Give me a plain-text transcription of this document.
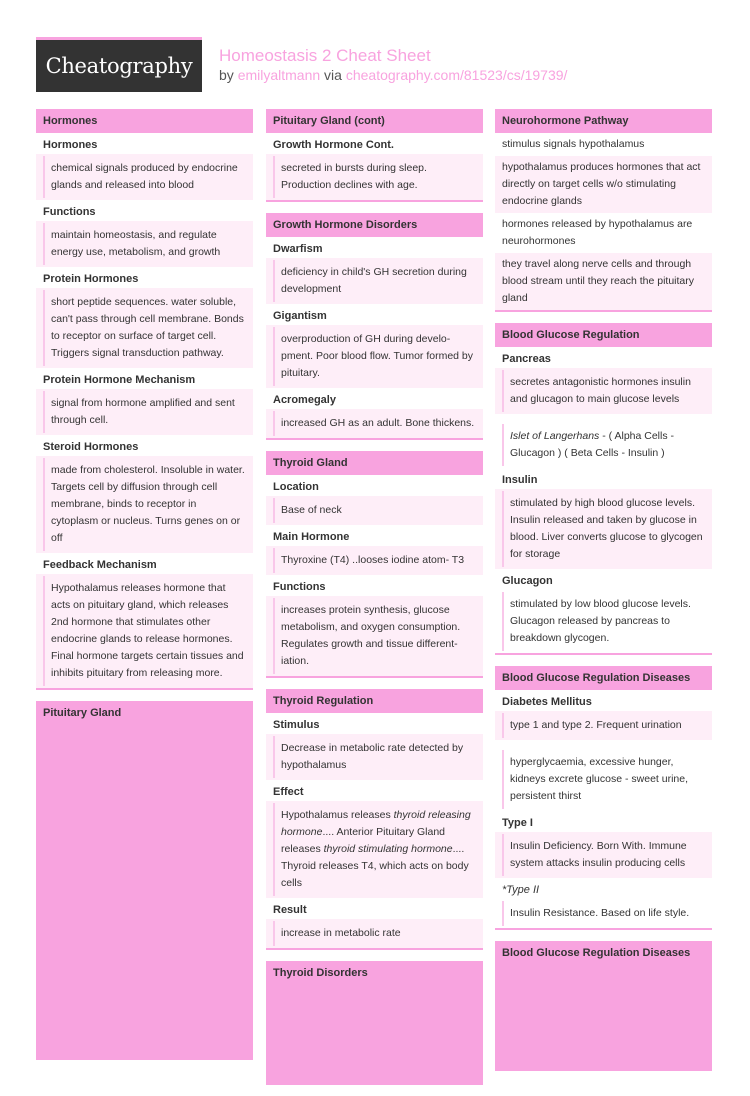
Cheatography	Homeostasis 2 Cheat Sheet
by emilyaltmann via cheatography.com/81523/cs/19739/
Hormones
Hormones
chemical signals produced by endocrine glands and released into blood
Functions
maintain homeostasis, and regulate energy use, metabolism, and growth
Protein Hormones
short peptide sequences. water soluble, can't pass through cell membrane. Bonds to receptor on surface of target cell. Triggers signal transduction pathway.
Protein Hormone Mechanism
signal from hormone amplified and sent through cell.
Steroid Hormones
made from cholesterol. Insoluble in water. Targets cell by diffusion through cell membrane, binds to receptor in cytoplasm or nucleus. Turns genes on or off
Feedback Mechanism
Hypothalamus releases hormone that acts on pituitary gland, which releases 2nd hormone that stimulates other endocrine glands to release hormones. Final hormone targets certain tissues and inhibits pituitary from releasing more.
Pituitary Gland
Pituitary Gland (cont)
Growth Hormone Cont.
secreted in bursts during sleep. Production declines with age.
Growth Hormone Disorders
Dwarfism
deficiency in child's GH secretion during development
Gigantism
overproduction of GH during development. Poor blood flow. Tumor formed by pituitary.
Acromegaly
increased GH as an adult. Bone thickens.
Thyroid Gland
Location
Base of neck
Main Hormone
Thyroxine (T4) ..looses iodine atom- T3
Functions
increases protein synthesis, glucose metabolism, and oxygen consumption. Regulates growth and tissue differentiation.
Thyroid Regulation
Stimulus
Decrease in metabolic rate detected by hypothalamus
Effect
Hypothalamus releases thyroid releasing hormone.... Anterior Pituitary Gland releases thyroid stimulating hormone.... Thyroid releases T4, which acts on body cells
Result
increase in metabolic rate
Thyroid Disorders
Neurohormone Pathway
stimulus signals hypothalamus
hypothalamus produces hormones that act directly on target cells w/o stimulating endocrine glands
hormones released by hypothalamus are neurohormones
they travel along nerve cells and through blood stream until they reach the pituitary gland
Blood Glucose Regulation
Pancreas
secretes antagonistic hormones insulin and glucagon to main glucose levels
Islet of Langerhans - ( Alpha Cells - Glucagon ) ( Beta Cells - Insulin )
Insulin
stimulated by high blood glucose levels. Insulin released and taken by glucose in blood. Liver converts glucose to glycogen for storage
Glucagon
stimulated by low blood glucose levels. Glucagon released by pancreas to breakdown glycogen.
Blood Glucose Regulation Diseases
Diabetes Mellitus
type 1 and type 2. Frequent urination
hyperglycaemia, excessive hunger, kidneys excrete glucose - sweet urine, persistent thirst
Type I
Insulin Deficiency. Born With. Immune system attacks insulin producing cells
*Type II
Insulin Resistance. Based on life style.
Blood Glucose Regulation Diseases
